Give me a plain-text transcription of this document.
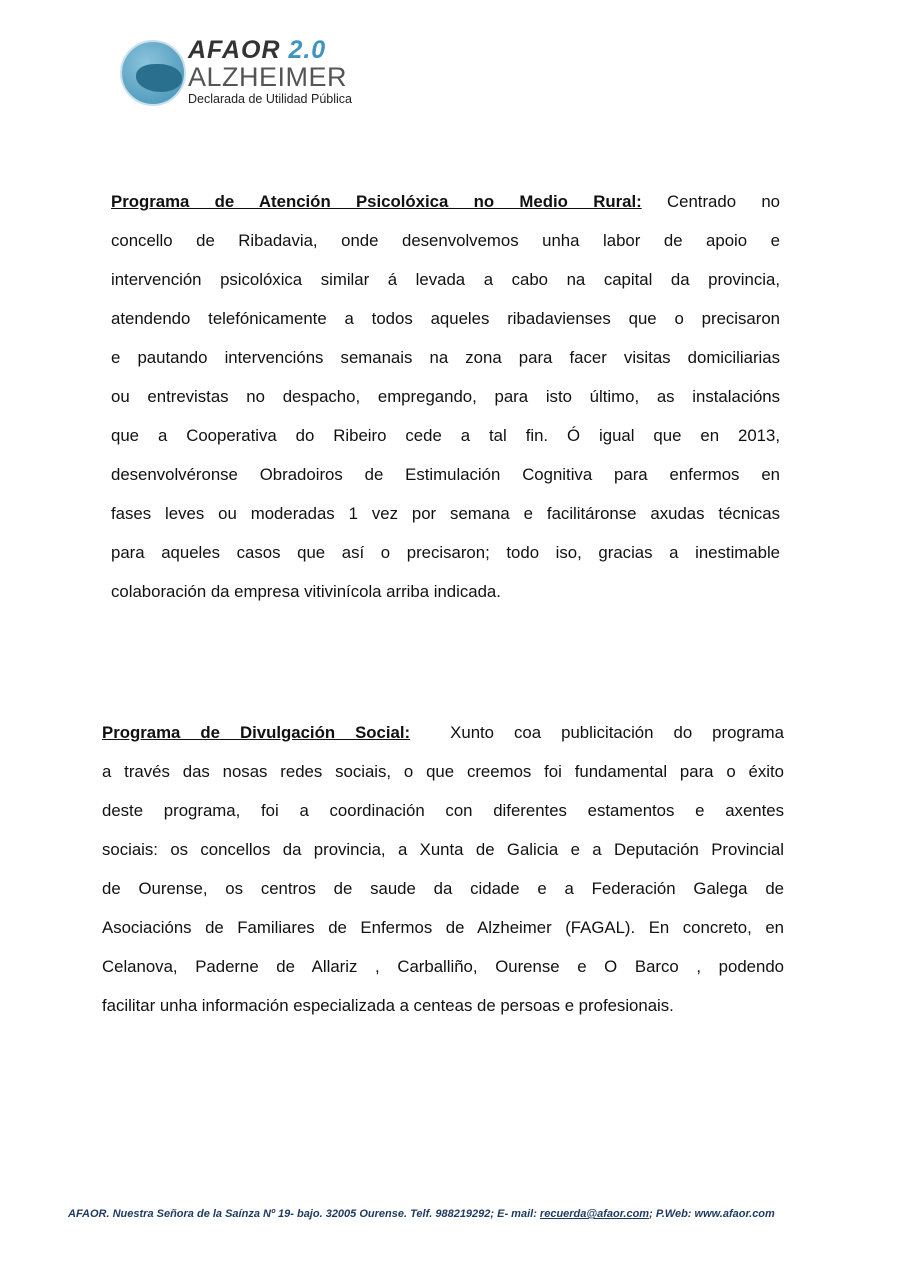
AFAOR 2.0
ALZHEIMER
Declarada de Utilidad Pública
Programa de Atención Psicolóxica no Medio Rural: Centrado no
concello de Ribadavia, onde desenvolvemos unha labor de apoio e
intervención psicolóxica similar á levada a cabo na capital da provincia,
atendendo telefónicamente a todos aqueles ribadavienses que o precisaron
e pautando intervencións semanais na zona para facer visitas domiciliarias
ou entrevistas no despacho, empregando, para isto último, as instalacións
que a Cooperativa do Ribeiro cede a tal fin. Ó igual que en 2013,
desenvolvéronse Obradoiros de Estimulación Cognitiva para enfermos en
fases leves ou moderadas 1 vez por semana e facilitáronse axudas técnicas
para aqueles casos que así o precisaron; todo iso, gracias a inestimable
colaboración da empresa vitivinícola arriba indicada.
Programa de Divulgación Social:  Xunto coa publicitación do programa
a través das nosas redes sociais, o que creemos foi fundamental para o éxito
deste programa, foi a coordinación con diferentes estamentos e axentes
sociais: os concellos da provincia, a Xunta de Galicia e a Deputación Provincial
de Ourense, os centros de saude da cidade e a Federación Galega de
Asociacións de Familiares de Enfermos de Alzheimer (FAGAL). En concreto, en
Celanova, Paderne de Allariz , Carballiño, Ourense e O Barco , podendo
facilitar unha información especializada a centeas de persoas e profesionais.
AFAOR. Nuestra Señora de la Saínza Nº 19- bajo. 32005 Ourense. Telf. 988219292; E- mail: recuerda@afaor.com; P.Web: www.afaor.com
